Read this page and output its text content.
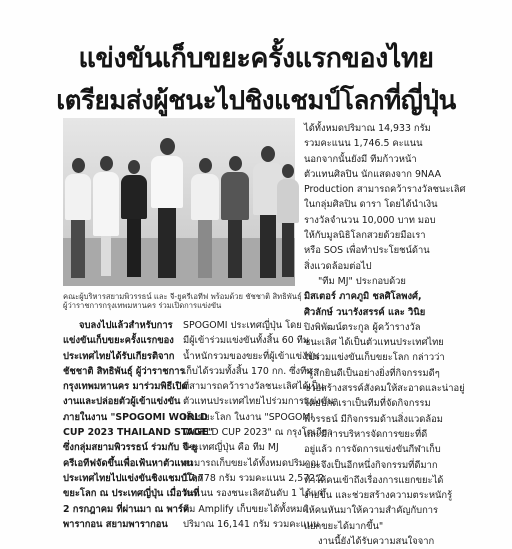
แข่งขันเก็บขยะครั้งแรกของไทย
เตรียมส่งผู้ชนะไปชิงแชมป์โลกที่ญี่ปุ่น
คณะผู้บริหารสยามพิวรรธน์ และ จี-ยูครีเอทีฟ พร้อมด้วย ชัชชาติ สิทธิพันธุ์
ผู้ว่าราชการกรุงเทพมหานคร ร่วมเปิดการแข่งขัน
จบลงไปแล้วสำหรับการ
แข่งขันเก็บขยะครั้งแรกของ
ประเทศไทยได้รับเกียรติจาก
ชัชชาติ สิทธิพันธุ์ ผู้ว่าราชการ
กรุงเทพมหานคร มาร่วมพิธีเปิด
งานและปล่อยตัวผู้เข้าแข่งขัน
ภายในงาน "SPOGOMI WORLD
CUP 2023 THAILAND STAGE"
ซึ่งกลุ่มสยามพิวรรธน์ ร่วมกับ จี-ยู
ครีเอทีฟจัดขึ้นเพื่อเฟ้นหาตัวแทน
ประเทศไทยไปแข่งขันชิงแชมป์โลก
ขยะโลก ณ ประเทศญี่ปุ่น เมื่อวันที่
2 กรกฎาคม ที่ผ่านมา ณ พาร์ค
พารากอน สยามพารากอน
SPOGOMI ประเทศญี่ปุ่น โดย
มีผู้เข้าร่วมแข่งขันทั้งสิ้น 60 ทีม
น้ำหนักรวมของขยะที่ผู้เข้าแข่งขัน
เก็บได้รวมทั้งสิ้น 170 กก. ซึ่งทีม
ที่สามารถคว้ารางวัลชนะเลิศได้เป็น
ตัวแทนประเทศไทยไปร่วมการแข่งขัน
เก็บขยะโลก ในงาน "SPOGOMI
WORLD CUP 2023" ณ กรุงโตเกียว
ประเทศญี่ปุ่น คือ ทีม MJ
สามารถเก็บขยะได้ทั้งหมดปริมาณ
17,778 กรัม รวมคะแนน 2,572.2
คะแนน รองชนะเลิศอันดับ 1 ได้แก่
ทีม Amplify เก็บขยะได้ทั้งหมด
ปริมาณ 16,141 กรัม รวมคะแนน
ได้ทั้งหมดปริมาณ 14,933 กรัม
รวมคะแนน 1,746.5 คะแนน
นอกจากนั้นยังมี ทีมก้าวหน้า
ตัวแทนศิลปิน นักแสดงจาก 9NAA
Production สามารถคว้ารางวัลชนะเลิศ
ในกลุ่มศิลปิน ดารา โดยได้นำเงิน
รางวัลจำนวน 10,000 บาท มอบ
ให้กับมูลนิธิโลกสวยด้วยมือเรา
หรือ SOS เพื่อทำประโยชน์ด้าน
สิ่งแวดล้อมต่อไป
"ทีม MJ" ประกอบด้วย
มิสเตอร์ ภาคภูมิ ชลศิโลพงศ์,
ศิวลักษ์ วนารังสรรค์ และ วินิย
ปิงพิพัฒน์ตระกูล ผู้คว้ารางวัล
ชนะเลิศ ได้เป็นตัวแทนประเทศไทย
ไปร่วมแข่งขันเก็บขยะโลก กล่าวว่า
"รู้สึกยินดีเป็นอย่างยิ่งที่กิจกรรมดีๆ
ช่วยสร้างสรรค์สังคมให้สะอาดและน่าอยู่
โดยปกติเราเป็นทีมที่จัดกิจกรรม
พิวรรธน์ มีกิจกรรมด้านสิ่งแวดล้อม
และมีการบริหารจัดการขยะที่ดี
อยู่แล้ว การจัดการแข่งขันกีฬาเก็บ
ขยะจึงเป็นอีกหนึ่งกิจกรรมที่ดีมาก
ทำให้คนเข้าถึงเรื่องการแยกขยะได้
ง่ายขึ้น และช่วยสร้างความตระหนักรู้
ให้คนหันมาให้ความสำคัญกับการ
แยกขยะได้มากขึ้น"
งานนี้ยังได้รับความสนใจจาก
